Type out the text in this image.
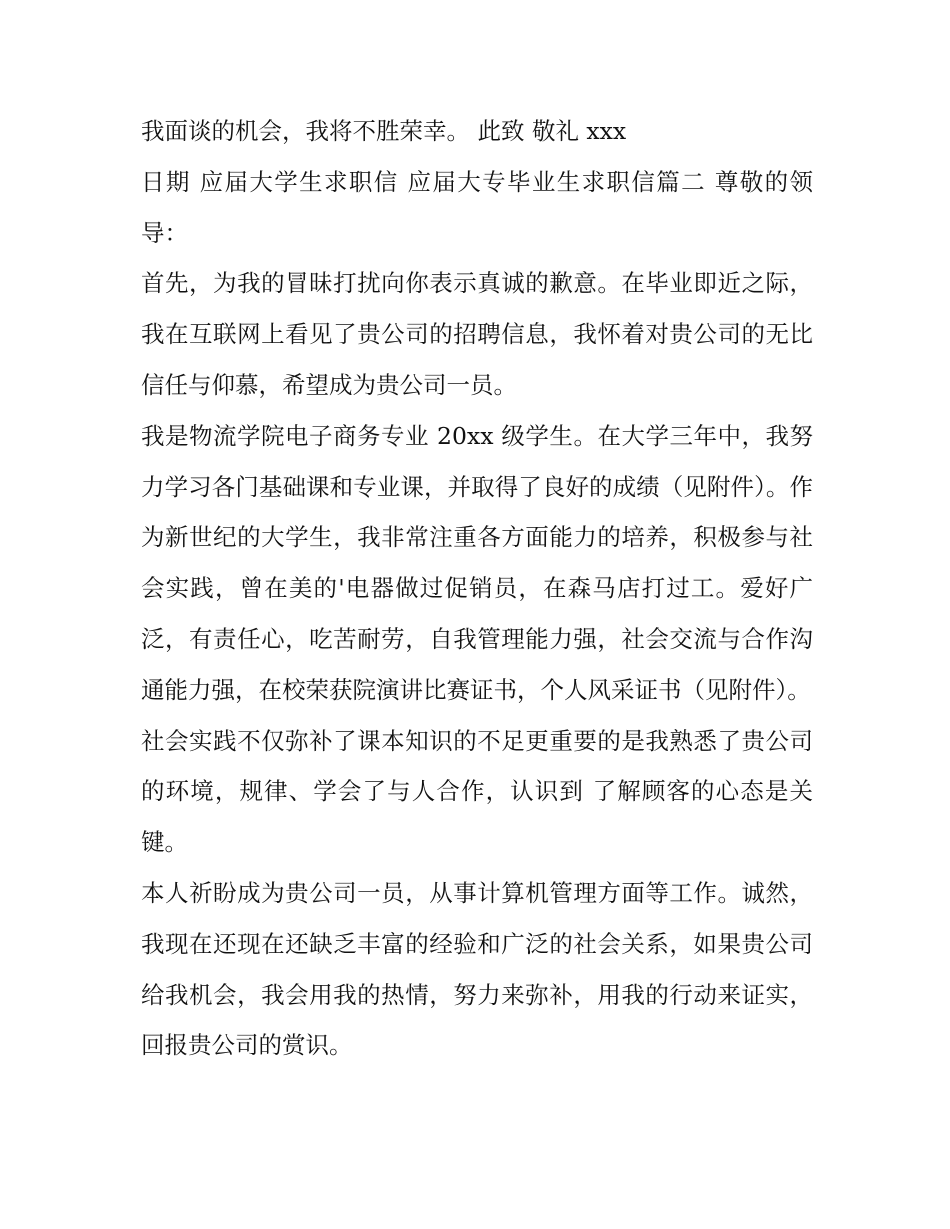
我面谈的机会，我将不胜荣幸。 此致 敬礼 xxx

日期 应届大学生求职信 应届大专毕业生求职信篇二 尊敬的领导：

首先，为我的冒昧打扰向你表示真诚的歉意。在毕业即近之际，我在互联网上看见了贵公司的招聘信息，我怀着对贵公司的无比信任与仰慕，希望成为贵公司一员。

我是物流学院电子商务专业 20xx 级学生。在大学三年中，我努力学习各门基础课和专业课，并取得了良好的成绩（见附件）。作为新世纪的大学生，我非常注重各方面能力的培养，积极参与社会实践，曾在美的'电器做过促销员，在森马店打过工。爱好广泛，有责任心，吃苦耐劳，自我管理能力强，社会交流与合作沟通能力强，在校荣获院演讲比赛证书，个人风采证书（见附件）。

社会实践不仅弥补了课本知识的不足更重要的是我熟悉了贵公司的环境，规律、学会了与人合作，认识到 了解顾客的心态是关键。

本人祈盼成为贵公司一员，从事计算机管理方面等工作。诚然，我现在还现在还缺乏丰富的经验和广泛的社会关系，如果贵公司给我机会，我会用我的热情，努力来弥补，用我的行动来证实，回报贵公司的赏识。
